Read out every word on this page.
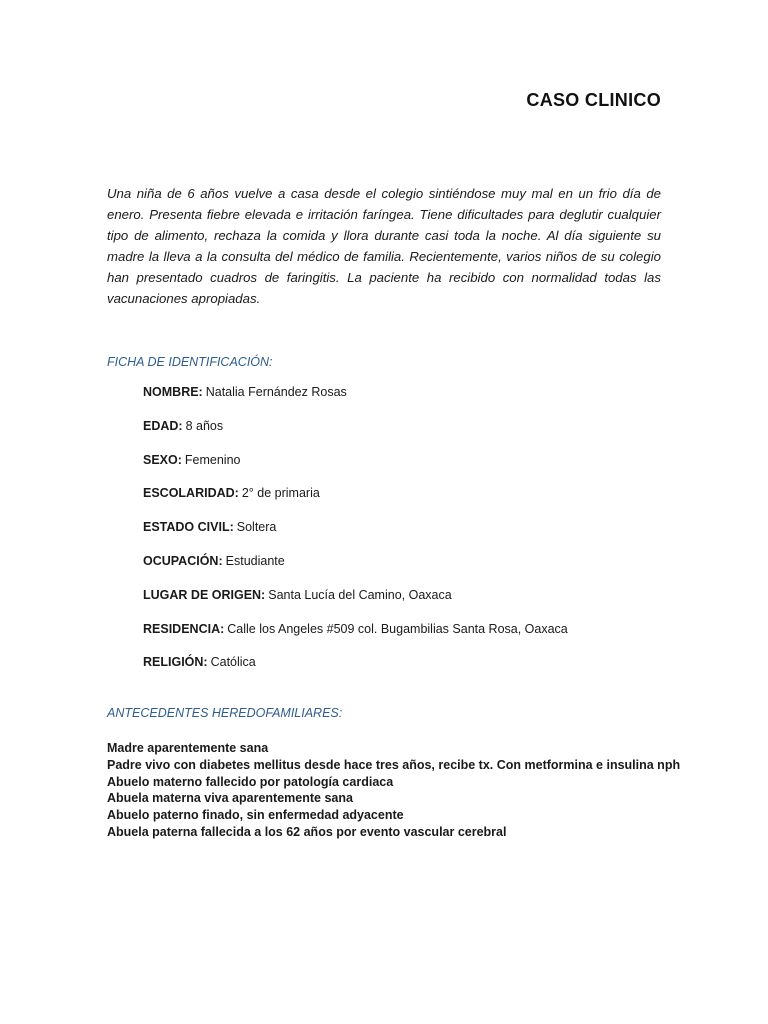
CASO CLINICO

Una niña de 6 años vuelve a casa desde el colegio sintiéndose muy mal en un frio día de enero. Presenta fiebre elevada e irritación faríngea. Tiene dificultades para deglutir cualquier tipo de alimento, rechaza la comida y llora durante casi toda la noche. Al día siguiente su madre la lleva a la consulta del médico de familia. Recientemente, varios niños de su colegio han presentado cuadros de faringitis. La paciente ha recibido con normalidad todas las vacunaciones apropiadas.

FICHA DE IDENTIFICACIÓN:
NOMBRE: Natalia Fernández Rosas
EDAD: 8 años
SEXO: Femenino
ESCOLARIDAD: 2° de primaria
ESTADO CIVIL: Soltera
OCUPACIÓN: Estudiante
LUGAR DE ORIGEN: Santa Lucía del Camino, Oaxaca
RESIDENCIA: Calle los Angeles #509 col. Bugambilias Santa Rosa, Oaxaca
RELIGIÓN: Católica
ANTECEDENTES HEREDOFAMILIARES:
Madre aparentemente sana
Padre vivo con diabetes mellitus desde hace tres años, recibe tx. Con metformina e insulina nph
Abuelo materno fallecido por patología cardiaca
Abuela materna viva aparentemente sana
Abuelo paterno finado, sin enfermedad adyacente
Abuela paterna fallecida a los 62 años por evento vascular cerebral
